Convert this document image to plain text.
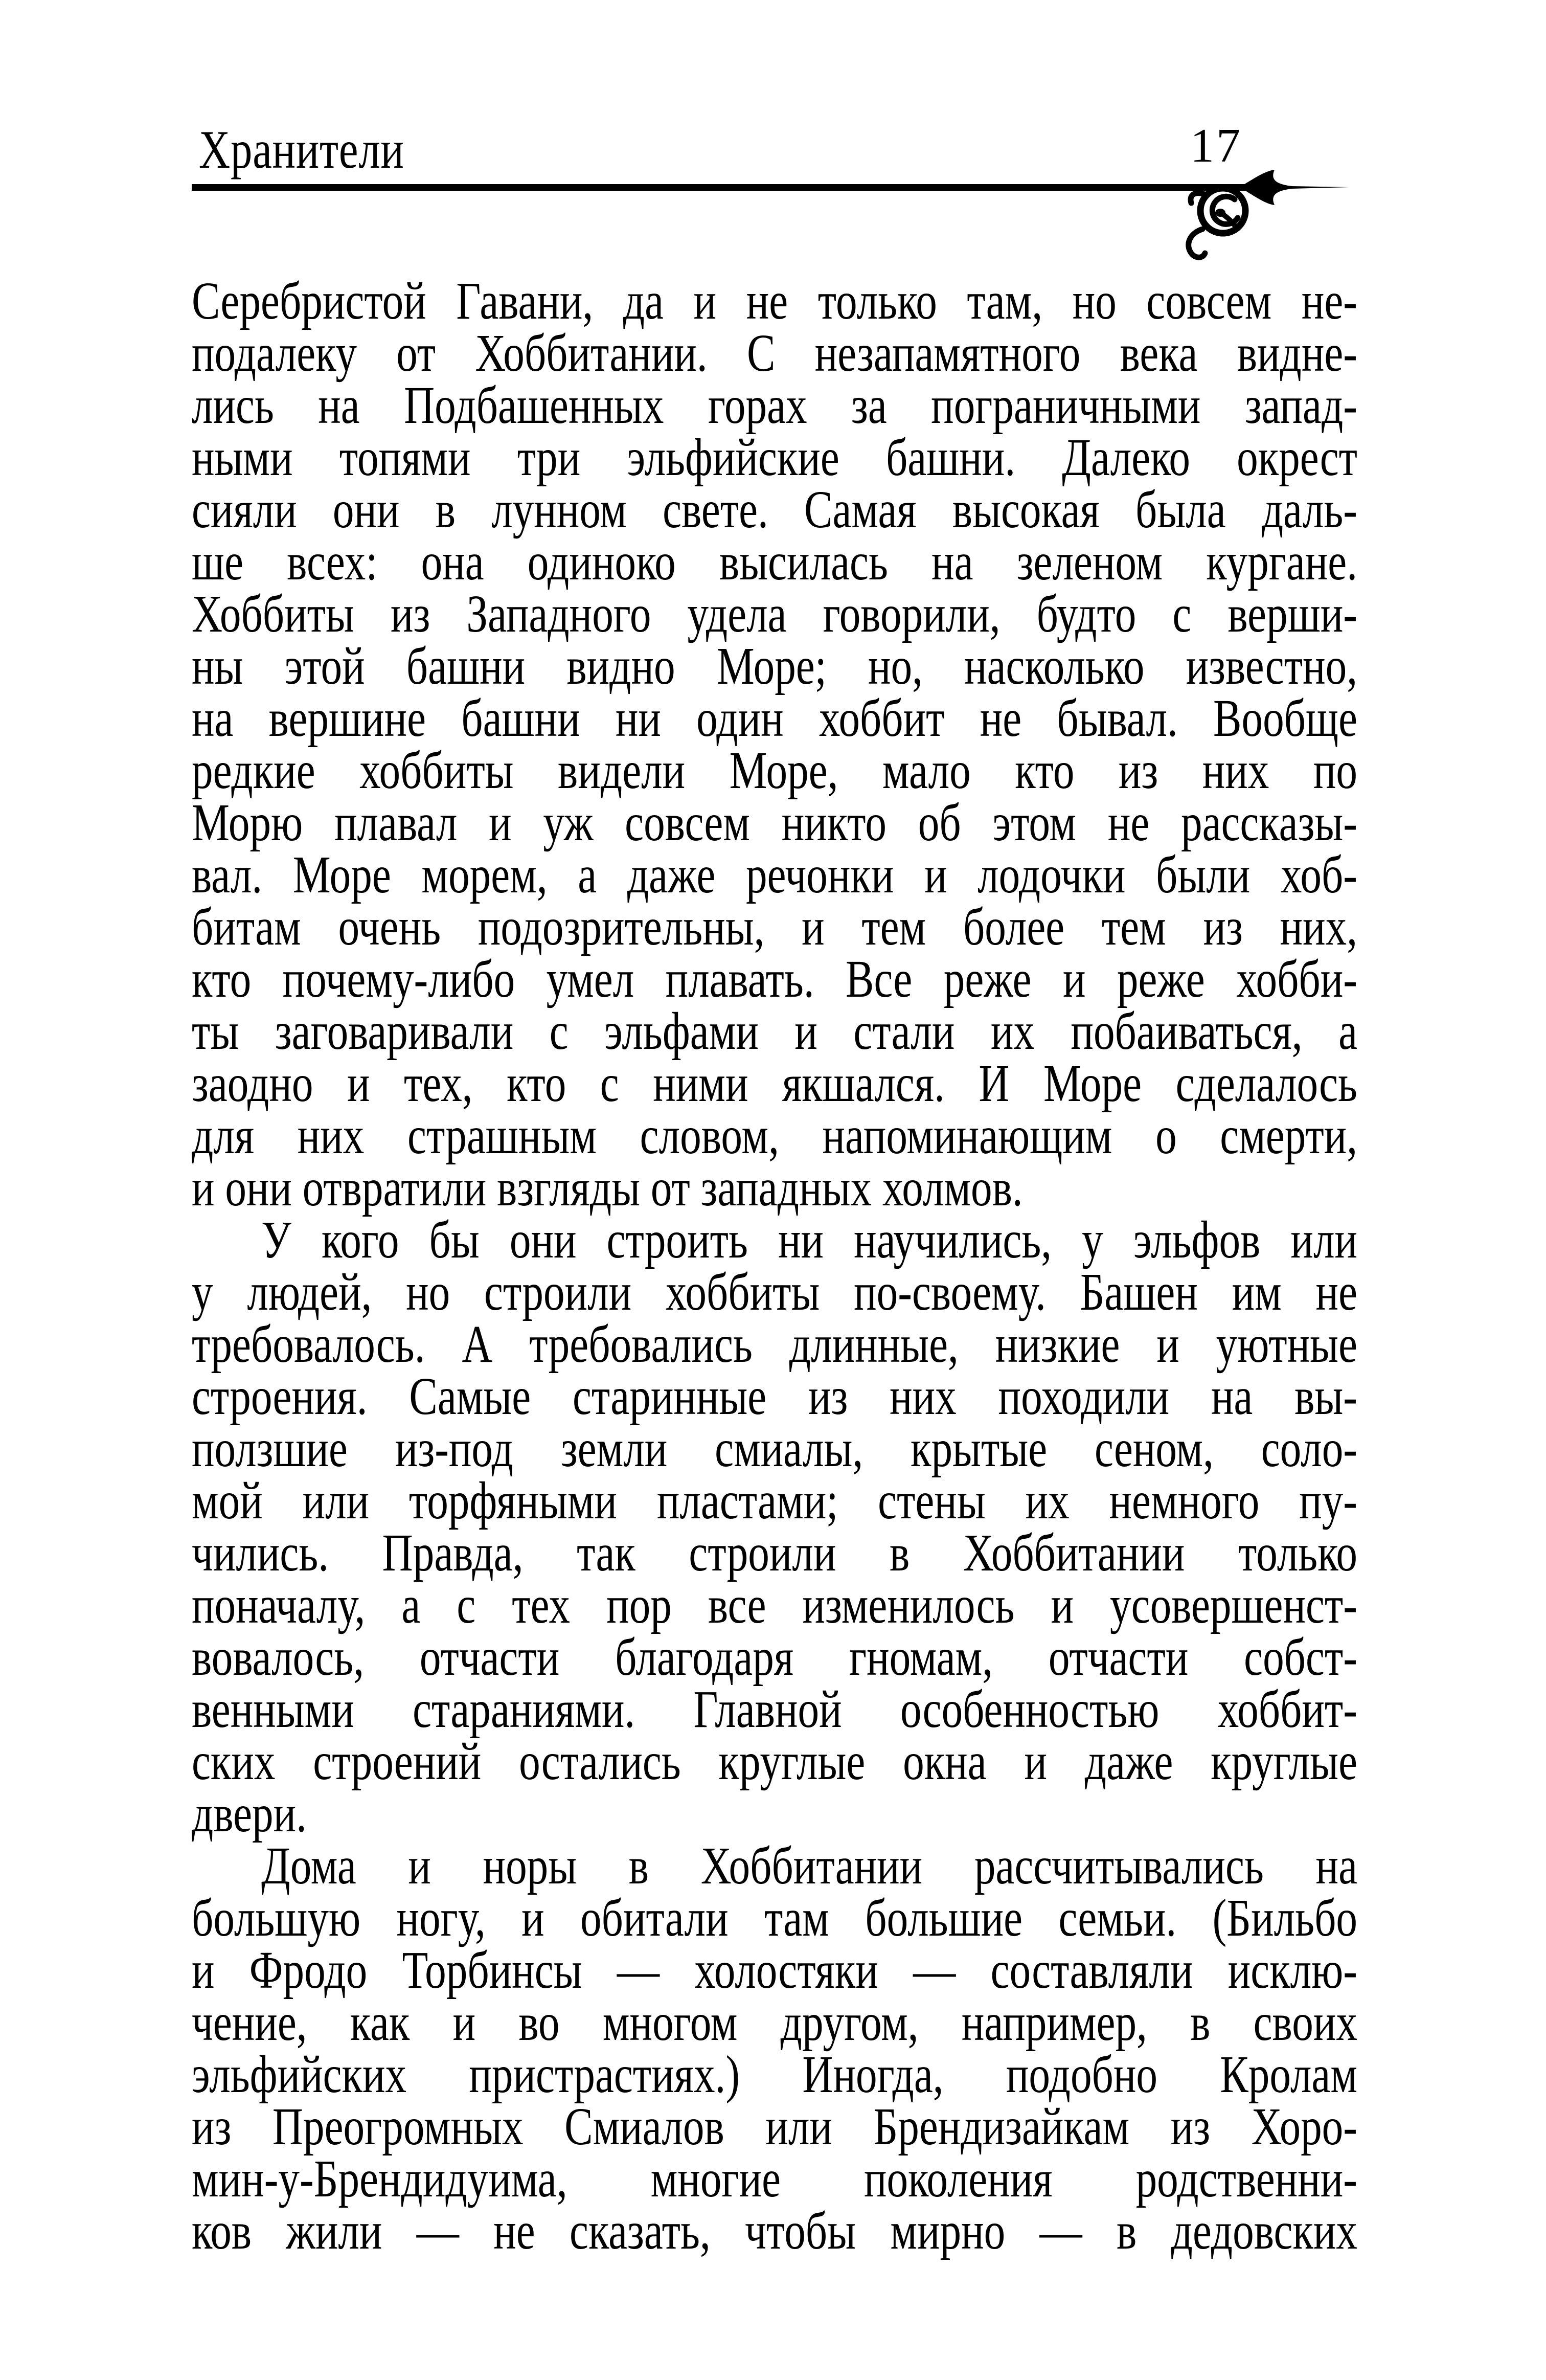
Хранители	17
Серебристой Гавани, да и не только там, но совсем не-
подалеку от Хоббитании. С незапамятного века видне-
лись на Подбашенных горах за пограничными запад-
ными топями три эльфийские башни. Далеко окрест
сияли они в лунном свете. Самая высокая была даль-
ше всех: она одиноко высилась на зеленом кургане.
Хоббиты из Западного удела говорили, будто с верши-
ны этой башни видно Море; но, насколько известно,
на вершине башни ни один хоббит не бывал. Вообще
редкие хоббиты видели Море, мало кто из них по
Морю плавал и уж совсем никто об этом не рассказы-
вал. Море морем, а даже речонки и лодочки были хоб-
битам очень подозрительны, и тем более тем из них,
кто почему-либо умел плавать. Все реже и реже хобби-
ты заговаривали с эльфами и стали их побаиваться, а
заодно и тех, кто с ними якшался. И Море сделалось
для них страшным словом, напоминающим о смерти,
и они отвратили взгляды от западных холмов.
У кого бы они строить ни научились, у эльфов или
у людей, но строили хоббиты по-своему. Башен им не
требовалось. А требовались длинные, низкие и уютные
строения. Самые старинные из них походили на вы-
ползшие из-под земли смиалы, крытые сеном, соло-
мой или торфяными пластами; стены их немного пу-
чились. Правда, так строили в Хоббитании только
поначалу, а с тех пор все изменилось и усовершенст-
вовалось, отчасти благодаря гномам, отчасти собст-
венными стараниями. Главной особенностью хоббит-
ских строений остались круглые окна и даже круглые
двери.
Дома и норы в Хоббитании рассчитывались на
большую ногу, и обитали там большие семьи. (Бильбо
и Фродо Торбинсы — холостяки — составляли исклю-
чение, как и во многом другом, например, в своих
эльфийских пристрастиях.) Иногда, подобно Кролам
из Преогромных Смиалов или Брендизайкам из Хоро-
мин-у-Брендидуима, многие поколения родственни-
ков жили — не сказать, чтобы мирно — в дедовских
